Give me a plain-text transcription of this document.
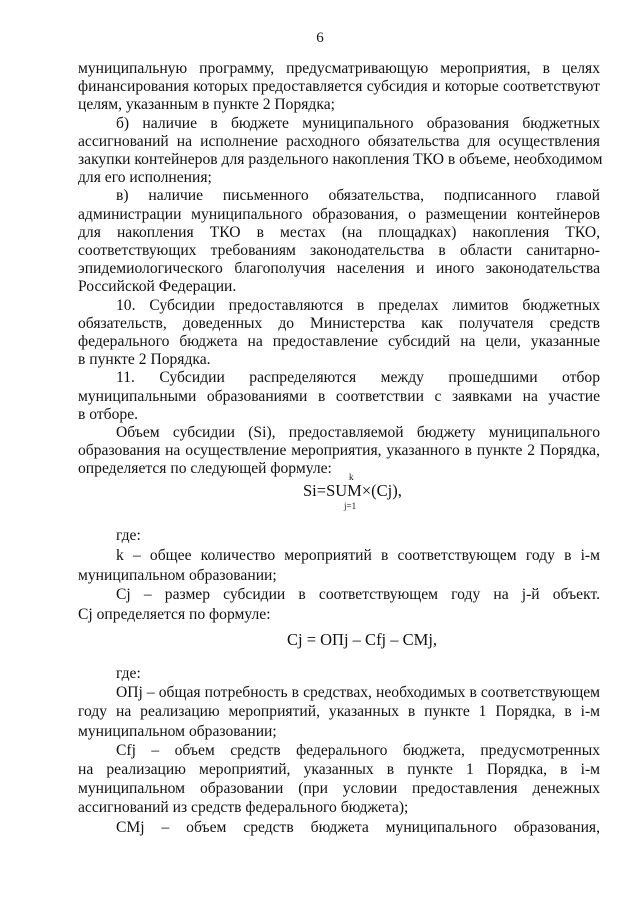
6
муниципальную программу, предусматривающую мероприятия, в целях
финансирования которых предоставляется субсидия и которые соответствуют
целям, указанным в пункте 2 Порядка;
б) наличие в бюджете муниципального образования бюджетных
ассигнований на исполнение расходного обязательства для осуществления
закупки контейнеров для раздельного накопления ТКО в объеме, необходимом
для его исполнения;
в) наличие письменного обязательства, подписанного главой
администрации муниципального образования, о размещении контейнеров
для накопления ТКО в местах (на площадках) накопления ТКО,
соответствующих требованиям законодательства в области санитарно-
эпидемиологического благополучия населения и иного законодательства
Российской Федерации.
10. Субсидии предоставляются в пределах лимитов бюджетных
обязательств, доведенных до Министерства как получателя средств
федерального бюджета на предоставление субсидий на цели, указанные
в пункте 2 Порядка.
11. Субсидии распределяются между прошедшими отбор
муниципальными образованиями в соответствии с заявками на участие
в отборе.
Объем субсидии (Si), предоставляемой бюджету муниципального
образования на осуществление мероприятия, указанного в пункте 2 Порядка,
определяется по следующей формуле:
где:
k – общее количество мероприятий в соответствующем году в i-м
муниципальном образовании;
Cj – размер субсидии в соответствующем году на j-й объект.
Cj определяется по формуле:
где:
ОПj – общая потребность в средствах, необходимых в соответствующем
году на реализацию мероприятий, указанных в пункте 1 Порядка, в i-м
муниципальном образовании;
Cfj – объем средств федерального бюджета, предусмотренных
на реализацию мероприятий, указанных в пункте 1 Порядка, в i-м
муниципальном образовании (при условии предоставления денежных
ассигнований из средств федерального бюджета);
CMj – объем средств бюджета муниципального образования,
k
Si=SUM×(Cj),
j=1
Cj = ОПj – Cfj – CMj,
